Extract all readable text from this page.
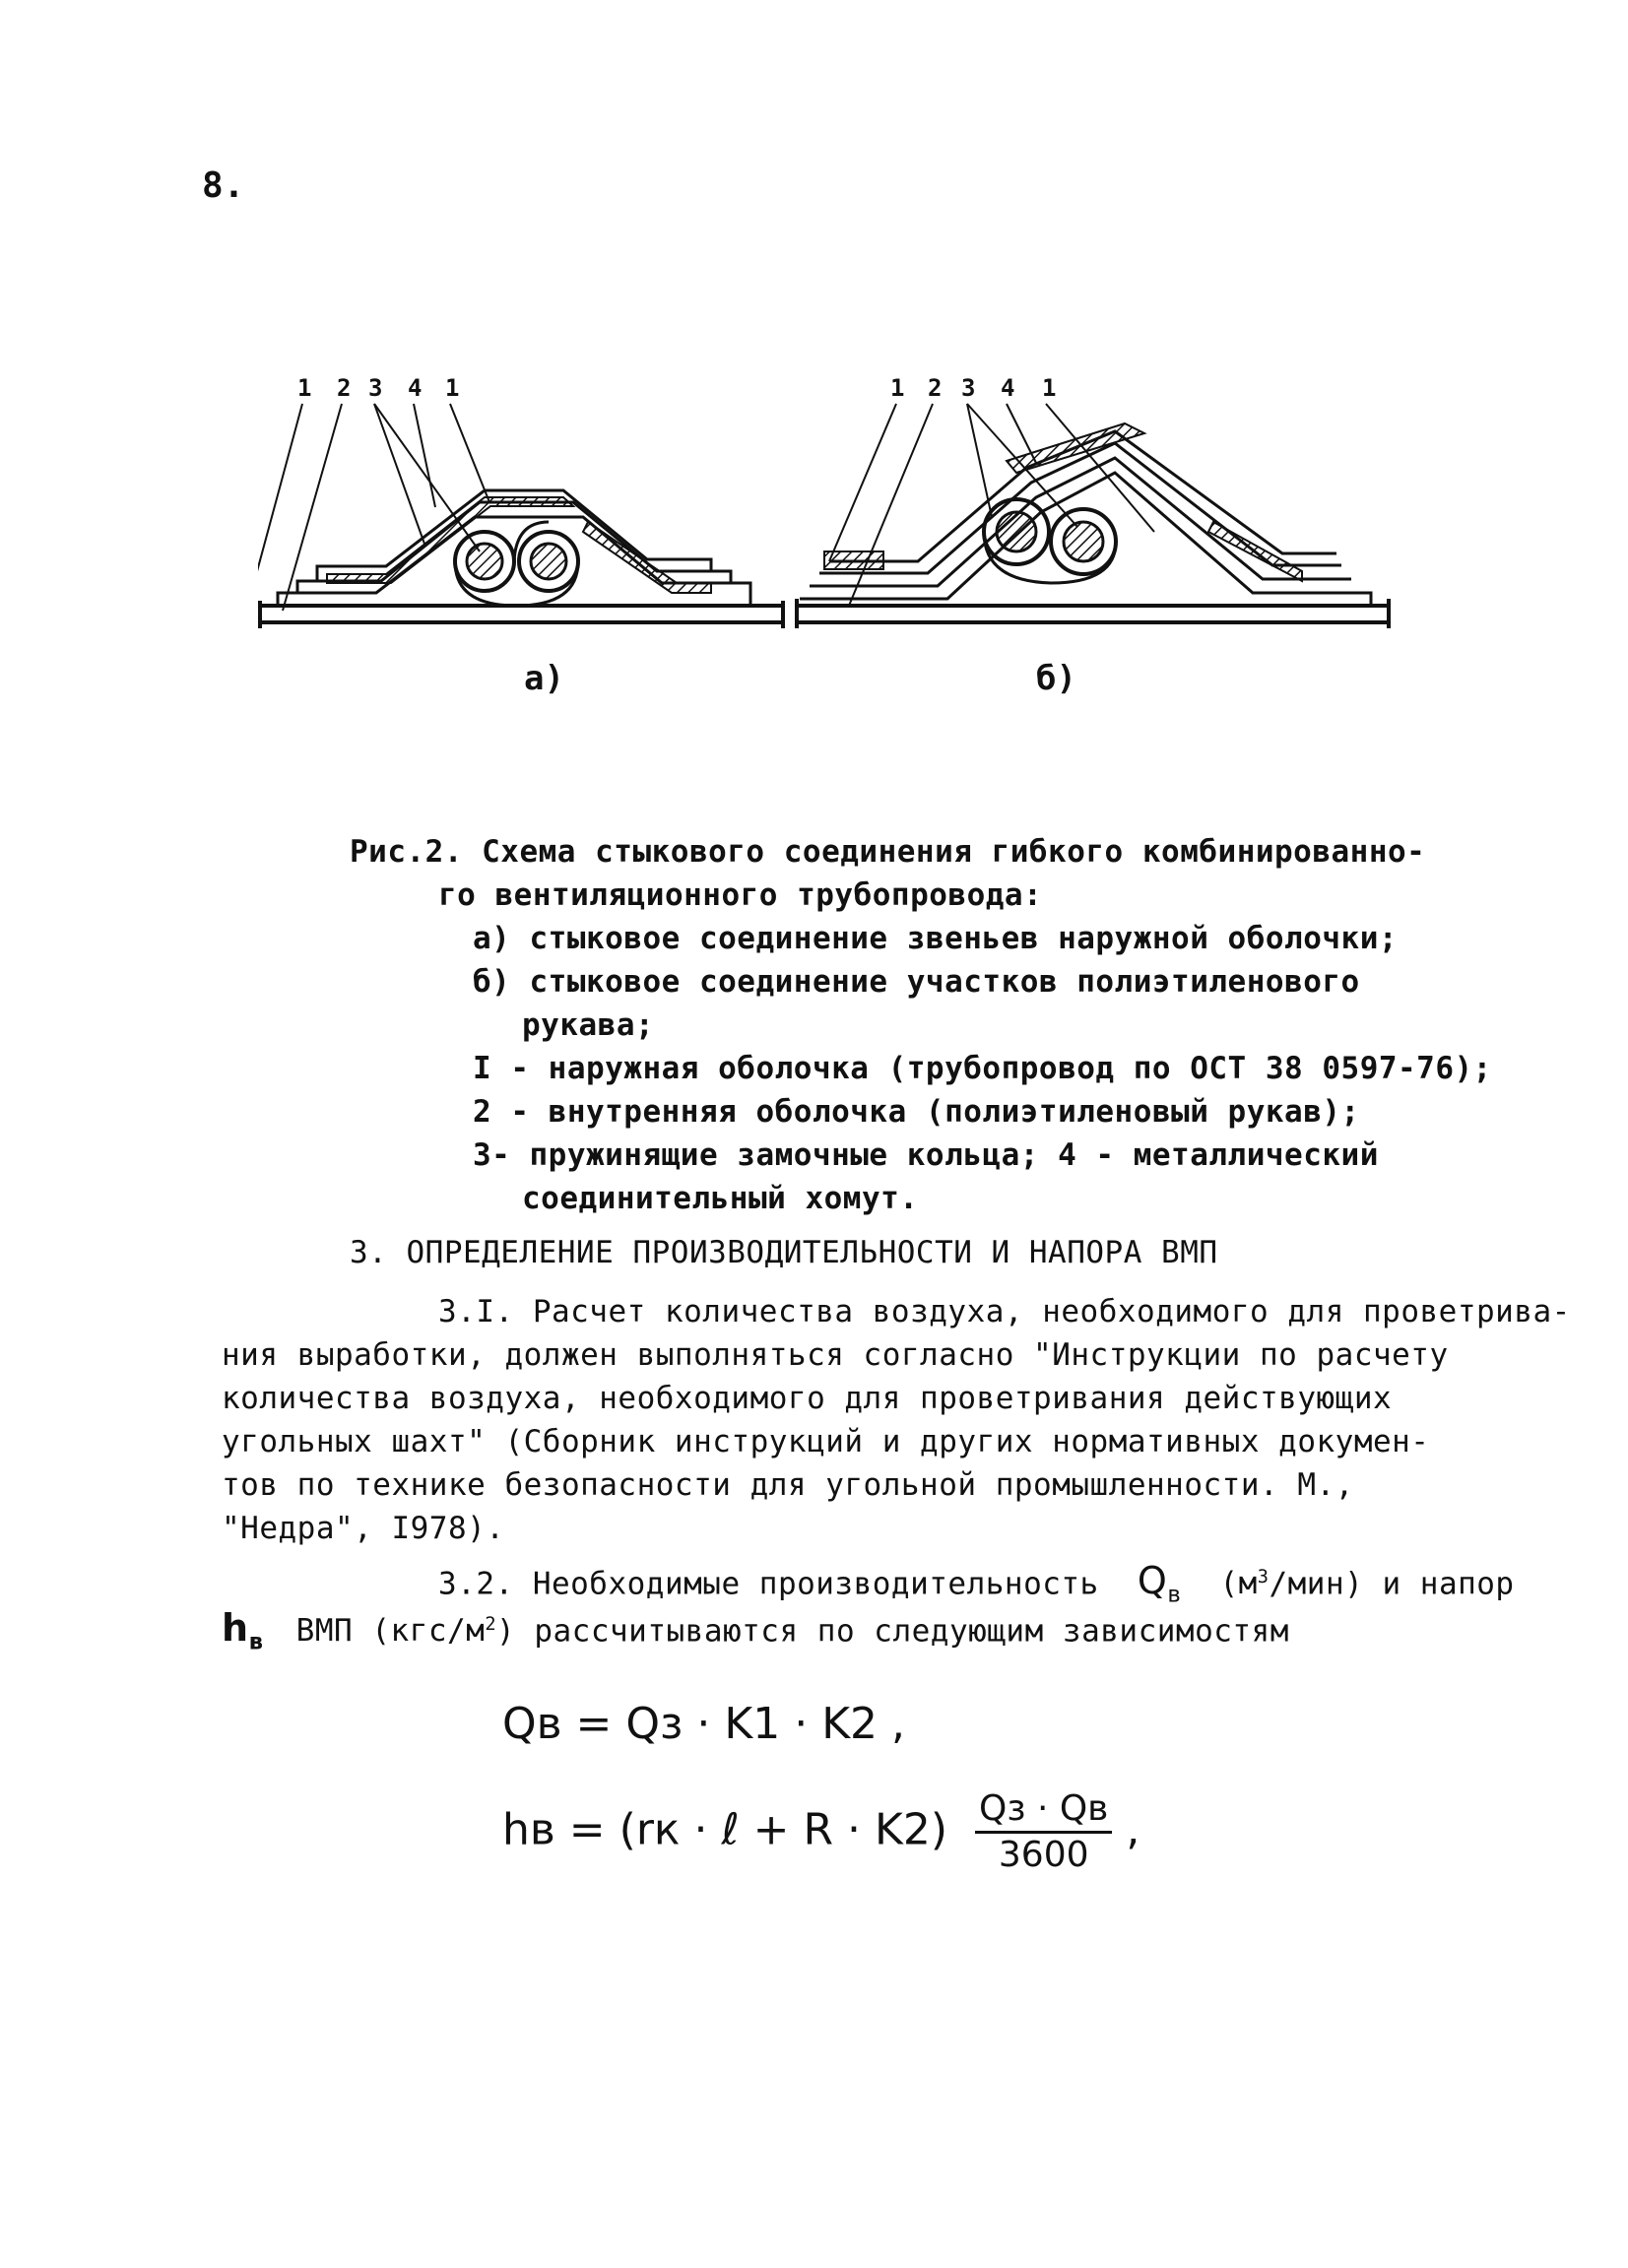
8.
1 2 3 4 1	1 2 3 4 1
а)	б)
Рис.2. Схема стыкового соединения гибкого комбинированно-
го вентиляционного трубопровода:
а) стыковое соединение звеньев наружной оболочки;
б) стыковое соединение участков полиэтиленового
рукава;
I - наружная оболочка (трубопровод по ОСТ 38 0597-76);
2 - внутренняя оболочка (полиэтиленовый рукав);
3- пружинящие замочные кольца; 4 - металлический
соединительный хомут.
3. ОПРЕДЕЛЕНИЕ ПРОИЗВОДИТЕЛЬНОСТИ И НАПОРА ВМП
3.I. Расчет количества воздуха, необходимого для проветрива-
ния выработки, должен выполняться согласно "Инструкции по расчету
количества воздуха, необходимого для проветривания действующих
угольных шахт" (Сборник инструкций и других нормативных докумен-
тов по технике безопасности для угольной промышленности. М.,
"Недра", I978).
3.2. Необходимые производительность $Q_в$ $(м^3/мин)$ и напор
$h_в$ ВМП $(кгс/м^2)$ рассчитываются по следующим зависимостям
Qв = Qз · K1 · K2 ,
hв = (rк · ℓ + $R \cdot K2) \frac{Qз \cdot Qв}{3600}$ ,
